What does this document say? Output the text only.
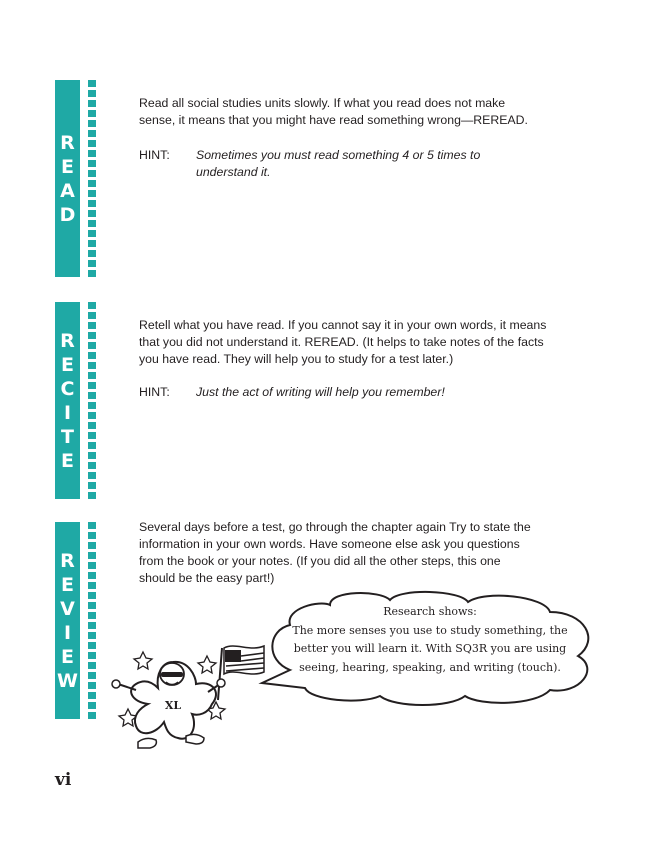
R
E
A
D

Read all social studies units slowly. If what you read does not make sense, it means that you might have read something wrong—REREAD.

HINT: Sometimes you must read something 4 or 5 times to understand it.
R
E
C
I
T
E

Retell what you have read. If you cannot say it in your own words, it means that you did not understand it. REREAD. (It helps to take notes of the facts you have read. They will help you to study for a test later.)

HINT: Just the act of writing will help you remember!
R
E
V
I
E
W

Several days before a test, go through the chapter again Try to state the information in your own words. Have someone else ask you questions from the book or your notes. (If you did all the other steps, this one should be the easy part!)

XL
Research shows:
The more senses you use to study something, the
better you will learn it. With SQ3R you are using
seeing, hearing, speaking, and writing (touch).
vi
